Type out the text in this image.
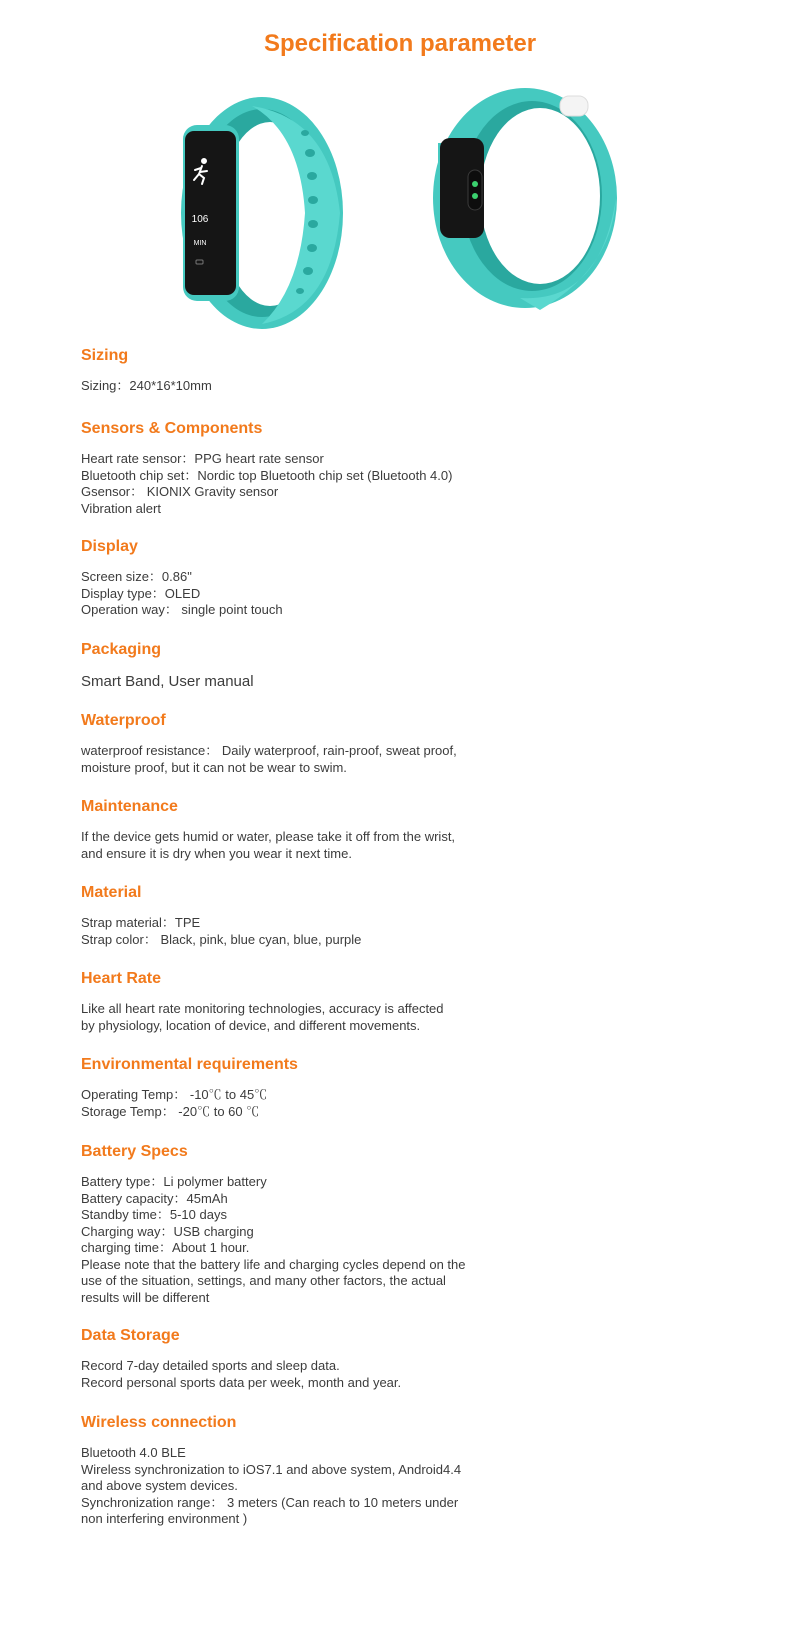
Specification parameter
106
MIN
Sizing
Sizing：240*16*10mm
Sensors & Components
Heart rate sensor：PPG heart rate sensor
Bluetooth chip set：Nordic top Bluetooth chip set (Bluetooth 4.0)
Gsensor： KIONIX Gravity sensor
Vibration alert
Display
Screen size：0.86"
Display type：OLED
Operation way： single point touch
Packaging
Smart Band, User manual
Waterproof
waterproof resistance： Daily waterproof, rain-proof, sweat proof,
moisture proof, but it can not be wear to swim.
Maintenance
If the device gets humid or water, please take it off from the wrist,
and ensure it is dry when you wear it next time.
Material
Strap material：TPE
Strap color： Black, pink, blue cyan, blue, purple
Heart Rate
Like all heart rate monitoring technologies, accuracy is affected
by physiology, location of device, and different movements.
Environmental requirements
Operating Temp： -10℃ to 45℃
Storage Temp： -20℃ to 60 ℃
Battery Specs
Battery type：Li polymer battery
Battery capacity：45mAh
Standby time：5-10 days
Charging way：USB charging
charging time：About 1 hour.
Please note that the battery life and charging cycles depend on the
use of the situation, settings, and many other factors, the actual
results will be different
Data Storage
Record 7-day detailed sports and sleep data.
Record personal sports data per week, month and year.
Wireless connection
Bluetooth 4.0 BLE
Wireless synchronization to iOS7.1 and above system, Android4.4
and above system devices.
Synchronization range： 3 meters (Can reach to 10 meters under
non interfering environment )
